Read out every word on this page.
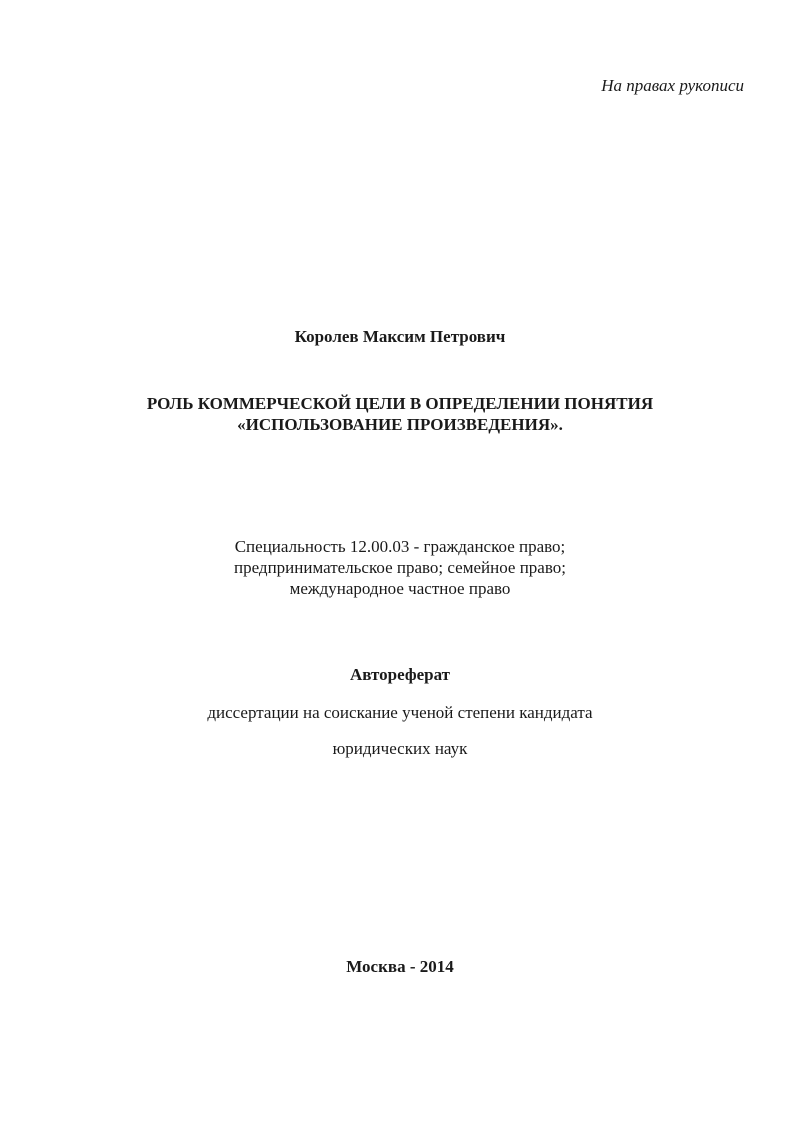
На правах рукописи

Королев Максим Петрович

РОЛЬ КОММЕРЧЕСКОЙ ЦЕЛИ В ОПРЕДЕЛЕНИИ ПОНЯТИЯ
«ИСПОЛЬЗОВАНИЕ ПРОИЗВЕДЕНИЯ».
Специальность 12.00.03 - гражданское право;
предпринимательское право; семейное право;
международное частное право

Автореферат

диссертации на соискание ученой степени кандидата
юридических наук

Москва - 2014
